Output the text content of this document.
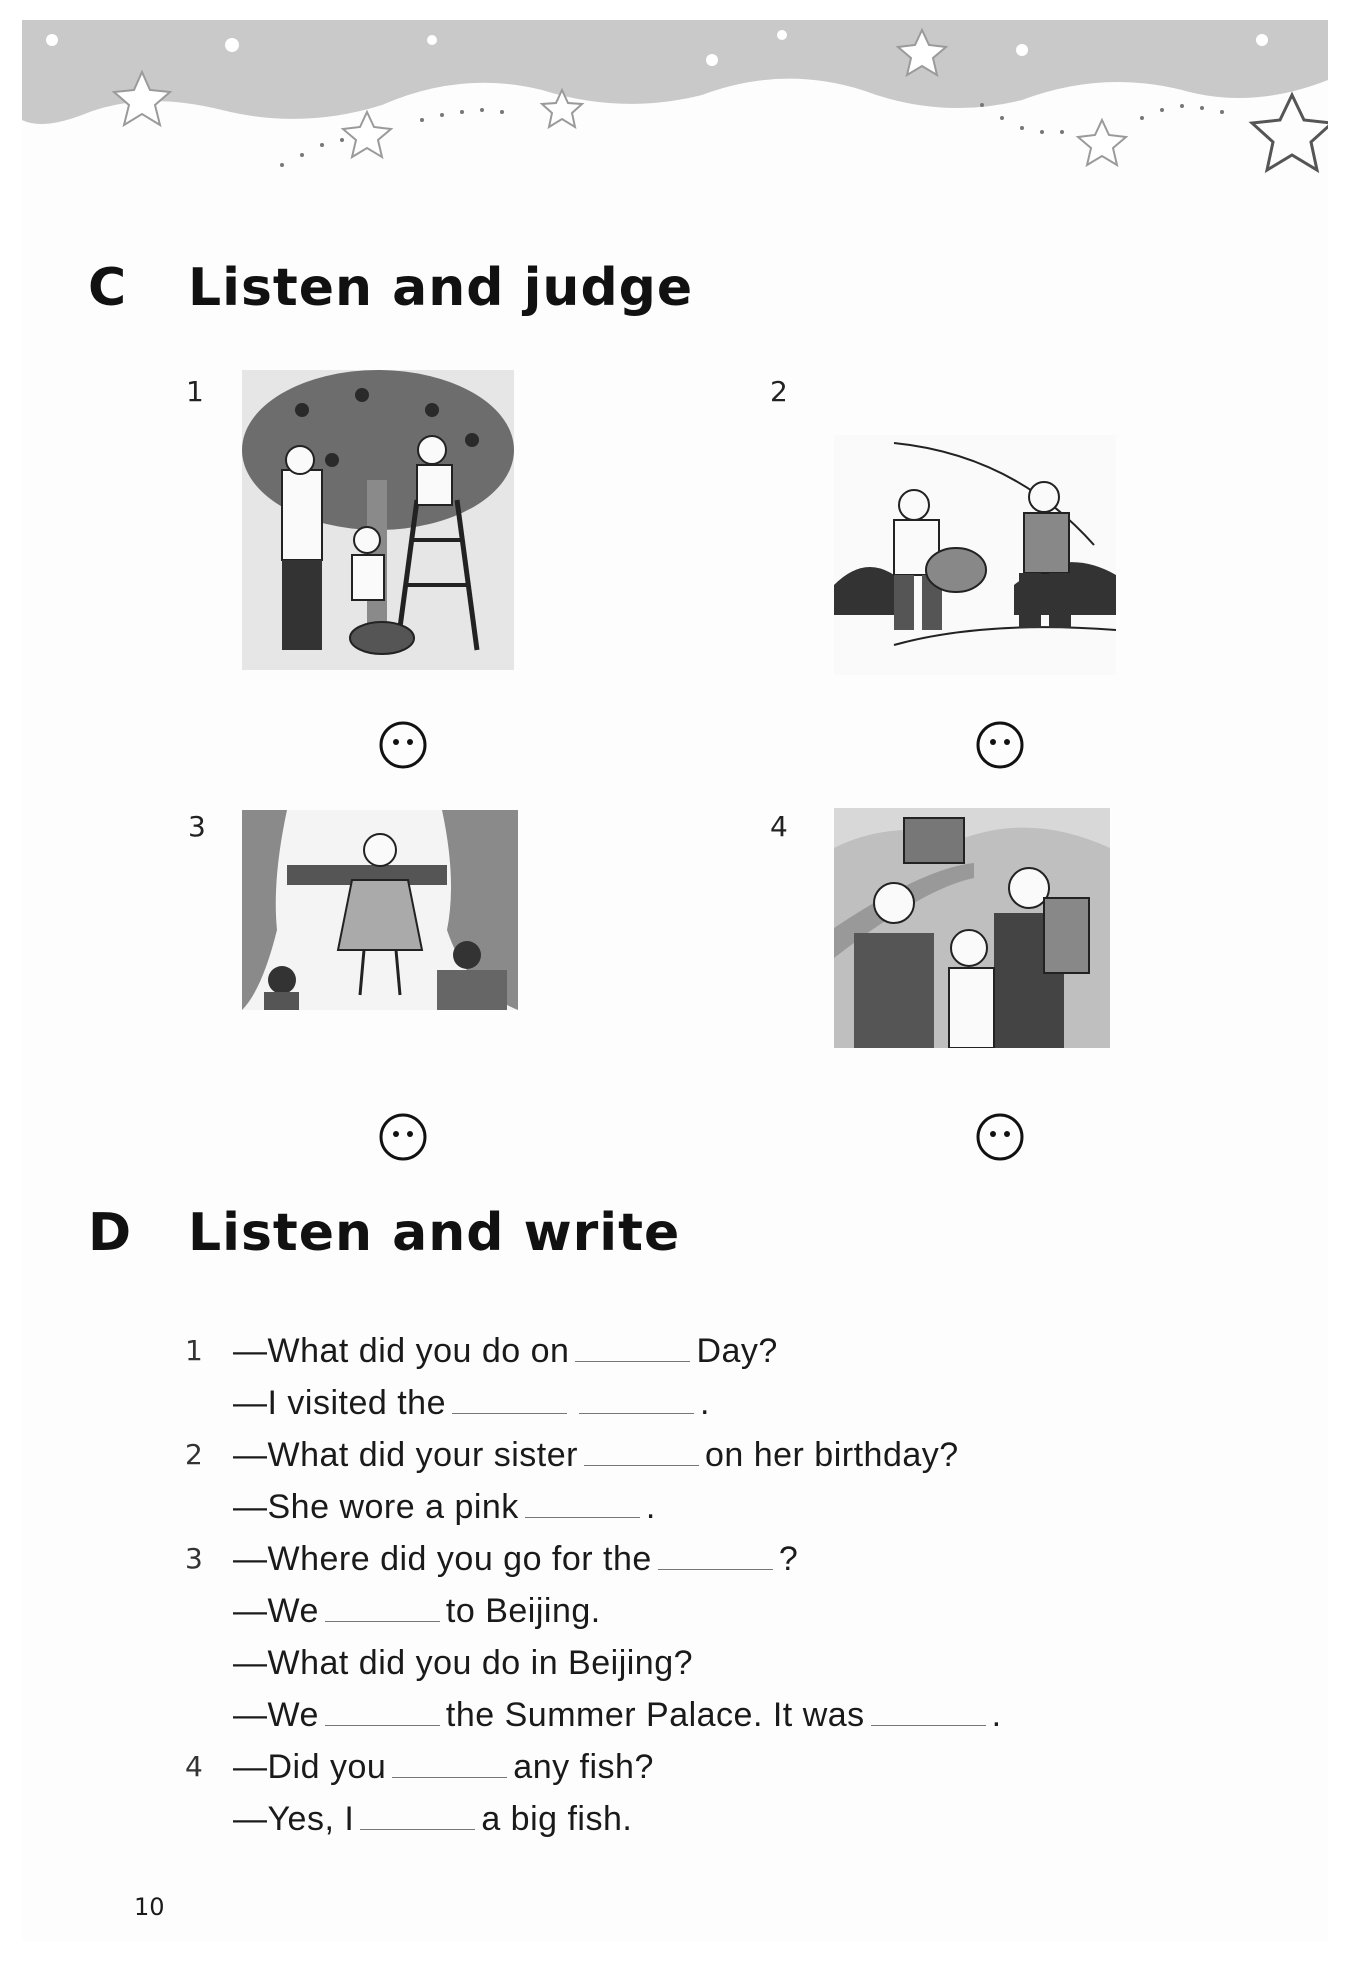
C Listen and judge
1	2
3	4
D Listen and write
1 —What did you do on	Day?
—I visited the	.
2 —What did your sister	on her birthday?
—She wore a pink	.
3 —Where did you go for the	?
—We	to Beijing.
—What did you do in Beijing?
—We	the Summer Palace. It was	.
4 —Did you	any fish?
—Yes, I	a big fish.
10
